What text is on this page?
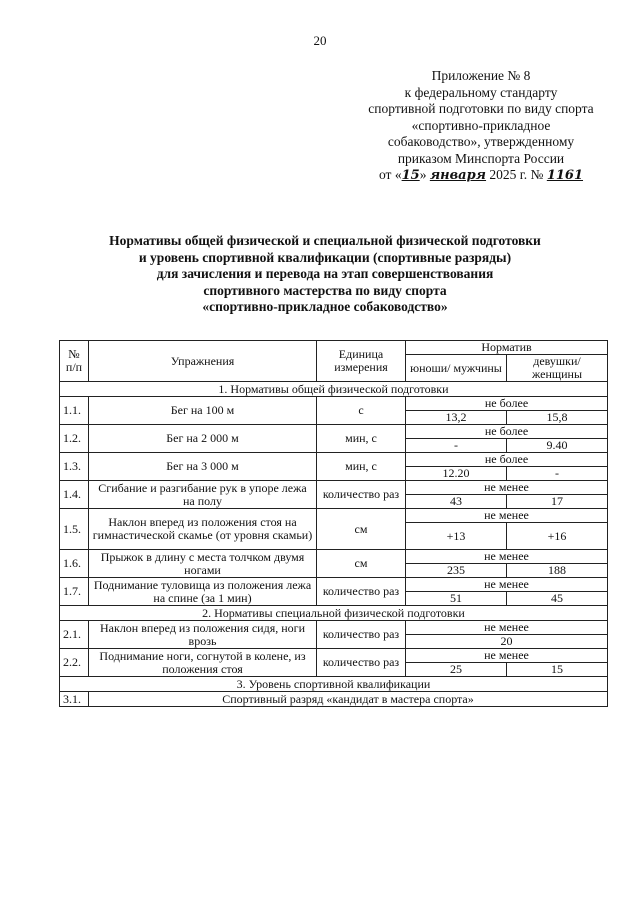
20
Приложение № 8
к федеральному стандарту
спортивной подготовки по виду спорта
«спортивно-прикладное
собаководство», утвержденному
приказом Минспорта России
от «15» января 2025 г. № 1161
Нормативы общей физической и специальной физической подготовки
и уровень спортивной квалификации (спортивные разряды)
для зачисления и перевода на этап совершенствования
спортивного мастерства по виду спорта
«спортивно-прикладное собаководство»
№ п/п	Упражнения	Единица измерения	Норматив	
			юноши/ мужчины	девушки/ женщины
1. Нормативы общей физической подготовки				
1.1.	Бег на 100 м	с	не более	
			13,2	15,8
1.2.	Бег на 2 000 м	мин, с	не более	
			-	9.40
1.3.	Бег на 3 000 м	мин, с	не более	
			12.20	-
1.4.	Сгибание и разгибание рук в упоре лежа на полу	количество раз	не менее	
			43	17
1.5.	Наклон вперед из положения стоя на гимнастической скамье (от уровня скамьи)	см	не менее	
			+13	+16
1.6.	Прыжок в длину с места толчком двумя ногами	см	не менее	
			235	188
1.7.	Поднимание туловища из положения лежа на спине (за 1 мин)	количество раз	не менее	
			51	45
2. Нормативы специальной физической подготовки				
2.1.	Наклон вперед из положения сидя, ноги врозь	количество раз	не менее	
			20	
2.2.	Поднимание ноги, согнутой в колене, из положения стоя	количество раз	не менее	
			25	15
3. Уровень спортивной квалификации				
3.1.	Спортивный разряд «кандидат в мастера спорта»			
